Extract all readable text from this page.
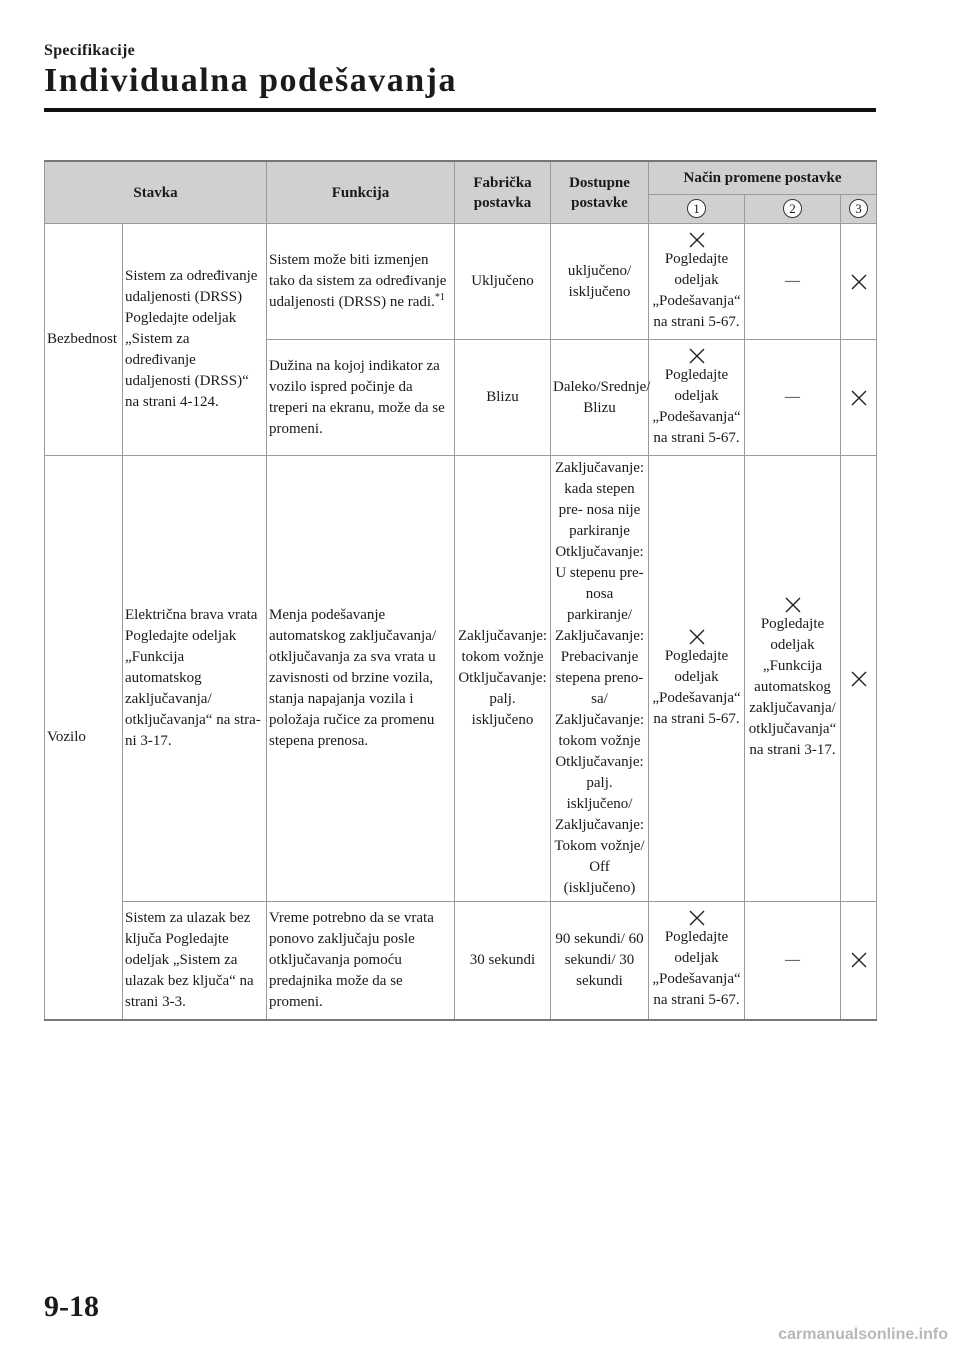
Specifikacije
Individualna podešavanja
Stavka		Funkcija	Fabrička postavka	Dostupne postavke	Način promene postavke		
					1	2	3
Bezbednost	Sistem za određivanje udaljenosti (DRSS) Pogledajte odeljak „Sistem za određivanje udaljenosti (DRSS)“ na strani 4-124.	Sistem može biti izmenjen tako da sistem za određivanje udaljenosti (DRSS) ne radi.$^{*1}$	Uključeno	uključeno/ isključeno	Pogledajte odeljak „Podešavanja“ na strani 5-67.	—	

		Dužina na kojoj indikator za vozilo ispred počinje da treperi na ekranu, može da se promeni.	Blizu	Daleko/Srednje/ Blizu	Pogledajte odeljak „Podešavanja“ na strani 5-67.	—	

Vozilo	Električna brava vrata Pogledajte odeljak „Funkcija automatskog zaključavanja/ otključavanja“ na stra- ni 3-17.	Menja podešavanje automatskog zaključavanja/ otključavanja za sva vrata u zavisnosti od brzine vozila, stanja napajanja vozila i položaja ručice za promenu stepena prenosa.	Zaključavanje: tokom vožnje Otključavanje: palj. isključeno	Zaključavanje: kada stepen pre- nosa nije parkiranje Otključavanje: U stepenu pre- nosa parkiranje/ Zaključavanje: Prebacivanje stepena preno- sa/ Zaključavanje: tokom vožnje Otključavanje: palj. isključeno/ Zaključavanje: Tokom vožnje/ Off (isključeno)	Pogledajte odeljak „Podešavanja“ na strani 5-67.	Pogledajte odeljak „Funkcija automatskog zaključavanja/ otključavanja“ na strani 3-17.	

	Sistem za ulazak bez ključa Pogledajte odeljak „Sistem za ulazak bez ključa“ na strani 3-3.	Vreme potrebno da se vrata ponovo zaključaju posle otključavanja pomoću predajnika može da se promeni.	30 sekundi	90 sekundi/ 60 sekundi/ 30 sekundi	Pogledajte odeljak „Podešavanja“ na strani 5-67.	—	
9-18
carmanualsonline.info
